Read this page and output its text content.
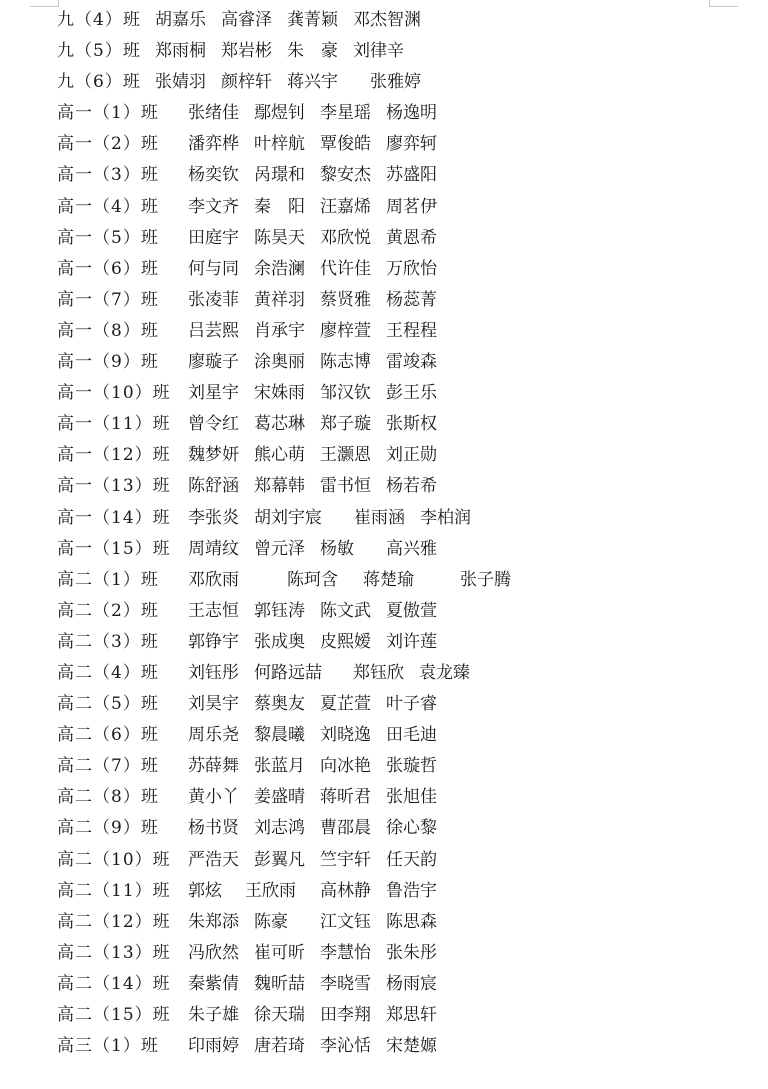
九（4）班 胡嘉乐 高睿泽 龚菁颖 邓杰智渊
九（5）班 郑雨桐 郑岩彬 朱　豪 刘律辛
九（6）班 张婧羽 颜梓轩 蒋兴宇 张雅婷
高一（1）班 张绪佳 鄢煜钊 李星瑶 杨逸明
高一（2）班 潘弈桦 叶梓航 覃俊皓 廖弈轲
高一（3）班 杨奕钦 呙璟和 黎安杰 苏盛阳
高一（4）班 李文齐 秦　阳 汪嘉烯 周茗伊
高一（5）班 田庭宇 陈昊天 邓欣悦 黄恩希
高一（6）班 何与同 余浩澜 代许佳 万欣怡
高一（7）班 张凌菲 黄祥羽 蔡贤雅 杨蕊菁
高一（8）班 吕芸熙 肖承宇 廖梓萱 王程程
高一（9）班 廖璇子 涂奥丽 陈志博 雷竣森
高一（10）班 刘星宇 宋姝雨 邹汉钦 彭王乐
高一（11）班 曾令红 葛芯琳 郑子璇 张斯权
高一（12）班 魏梦妍 熊心萌 王灏恩 刘正勋
高一（13）班 陈舒涵 郑幕韩 雷书恒 杨若希
高一（14）班 李张炎 胡刘宇宸 崔雨涵 李柏润
高一（15）班 周靖纹 曾元泽 杨敏 高兴雅
高二（1）班 邓欣雨	陈珂含 蒋楚瑜	张子腾
高二（2）班 王志恒 郭钰涛 陈文武 夏傲萱
高二（3）班 郭铮宇 张成奥 皮熙嫒 刘许莲
高二（4）班 刘钰彤 何路远喆 郑钰欣 袁龙臻
高二（5）班 刘昊宇 蔡奥友 夏芷萱 叶子睿
高二（6）班 周乐尧 黎晨曦 刘晓逸 田毛迪
高二（7）班 苏薛舞 张蓝月 向冰艳 张璇哲
高二（8）班 黄小丫 姜盛晴 蒋昕君 张旭佳
高二（9）班 杨书贤 刘志鸿 曹邵晨 徐心黎
高二（10）班 严浩天 彭翼凡 竺宇轩 任天韵
高二（11）班 郭炫 王欣雨 高林静 鲁浩宇
高二（12）班 朱郑添 陈豪 江文钰 陈思森
高二（13）班 冯欣然 崔可昕 李慧怡 张朱彤
高二（14）班 秦紫倩 魏昕喆 李晓雪 杨雨宸
高二（15）班 朱子雄 徐天瑞 田李翔 郑思轩
高三（1）班 印雨婷 唐若琦 李沁恬 宋楚嫄
